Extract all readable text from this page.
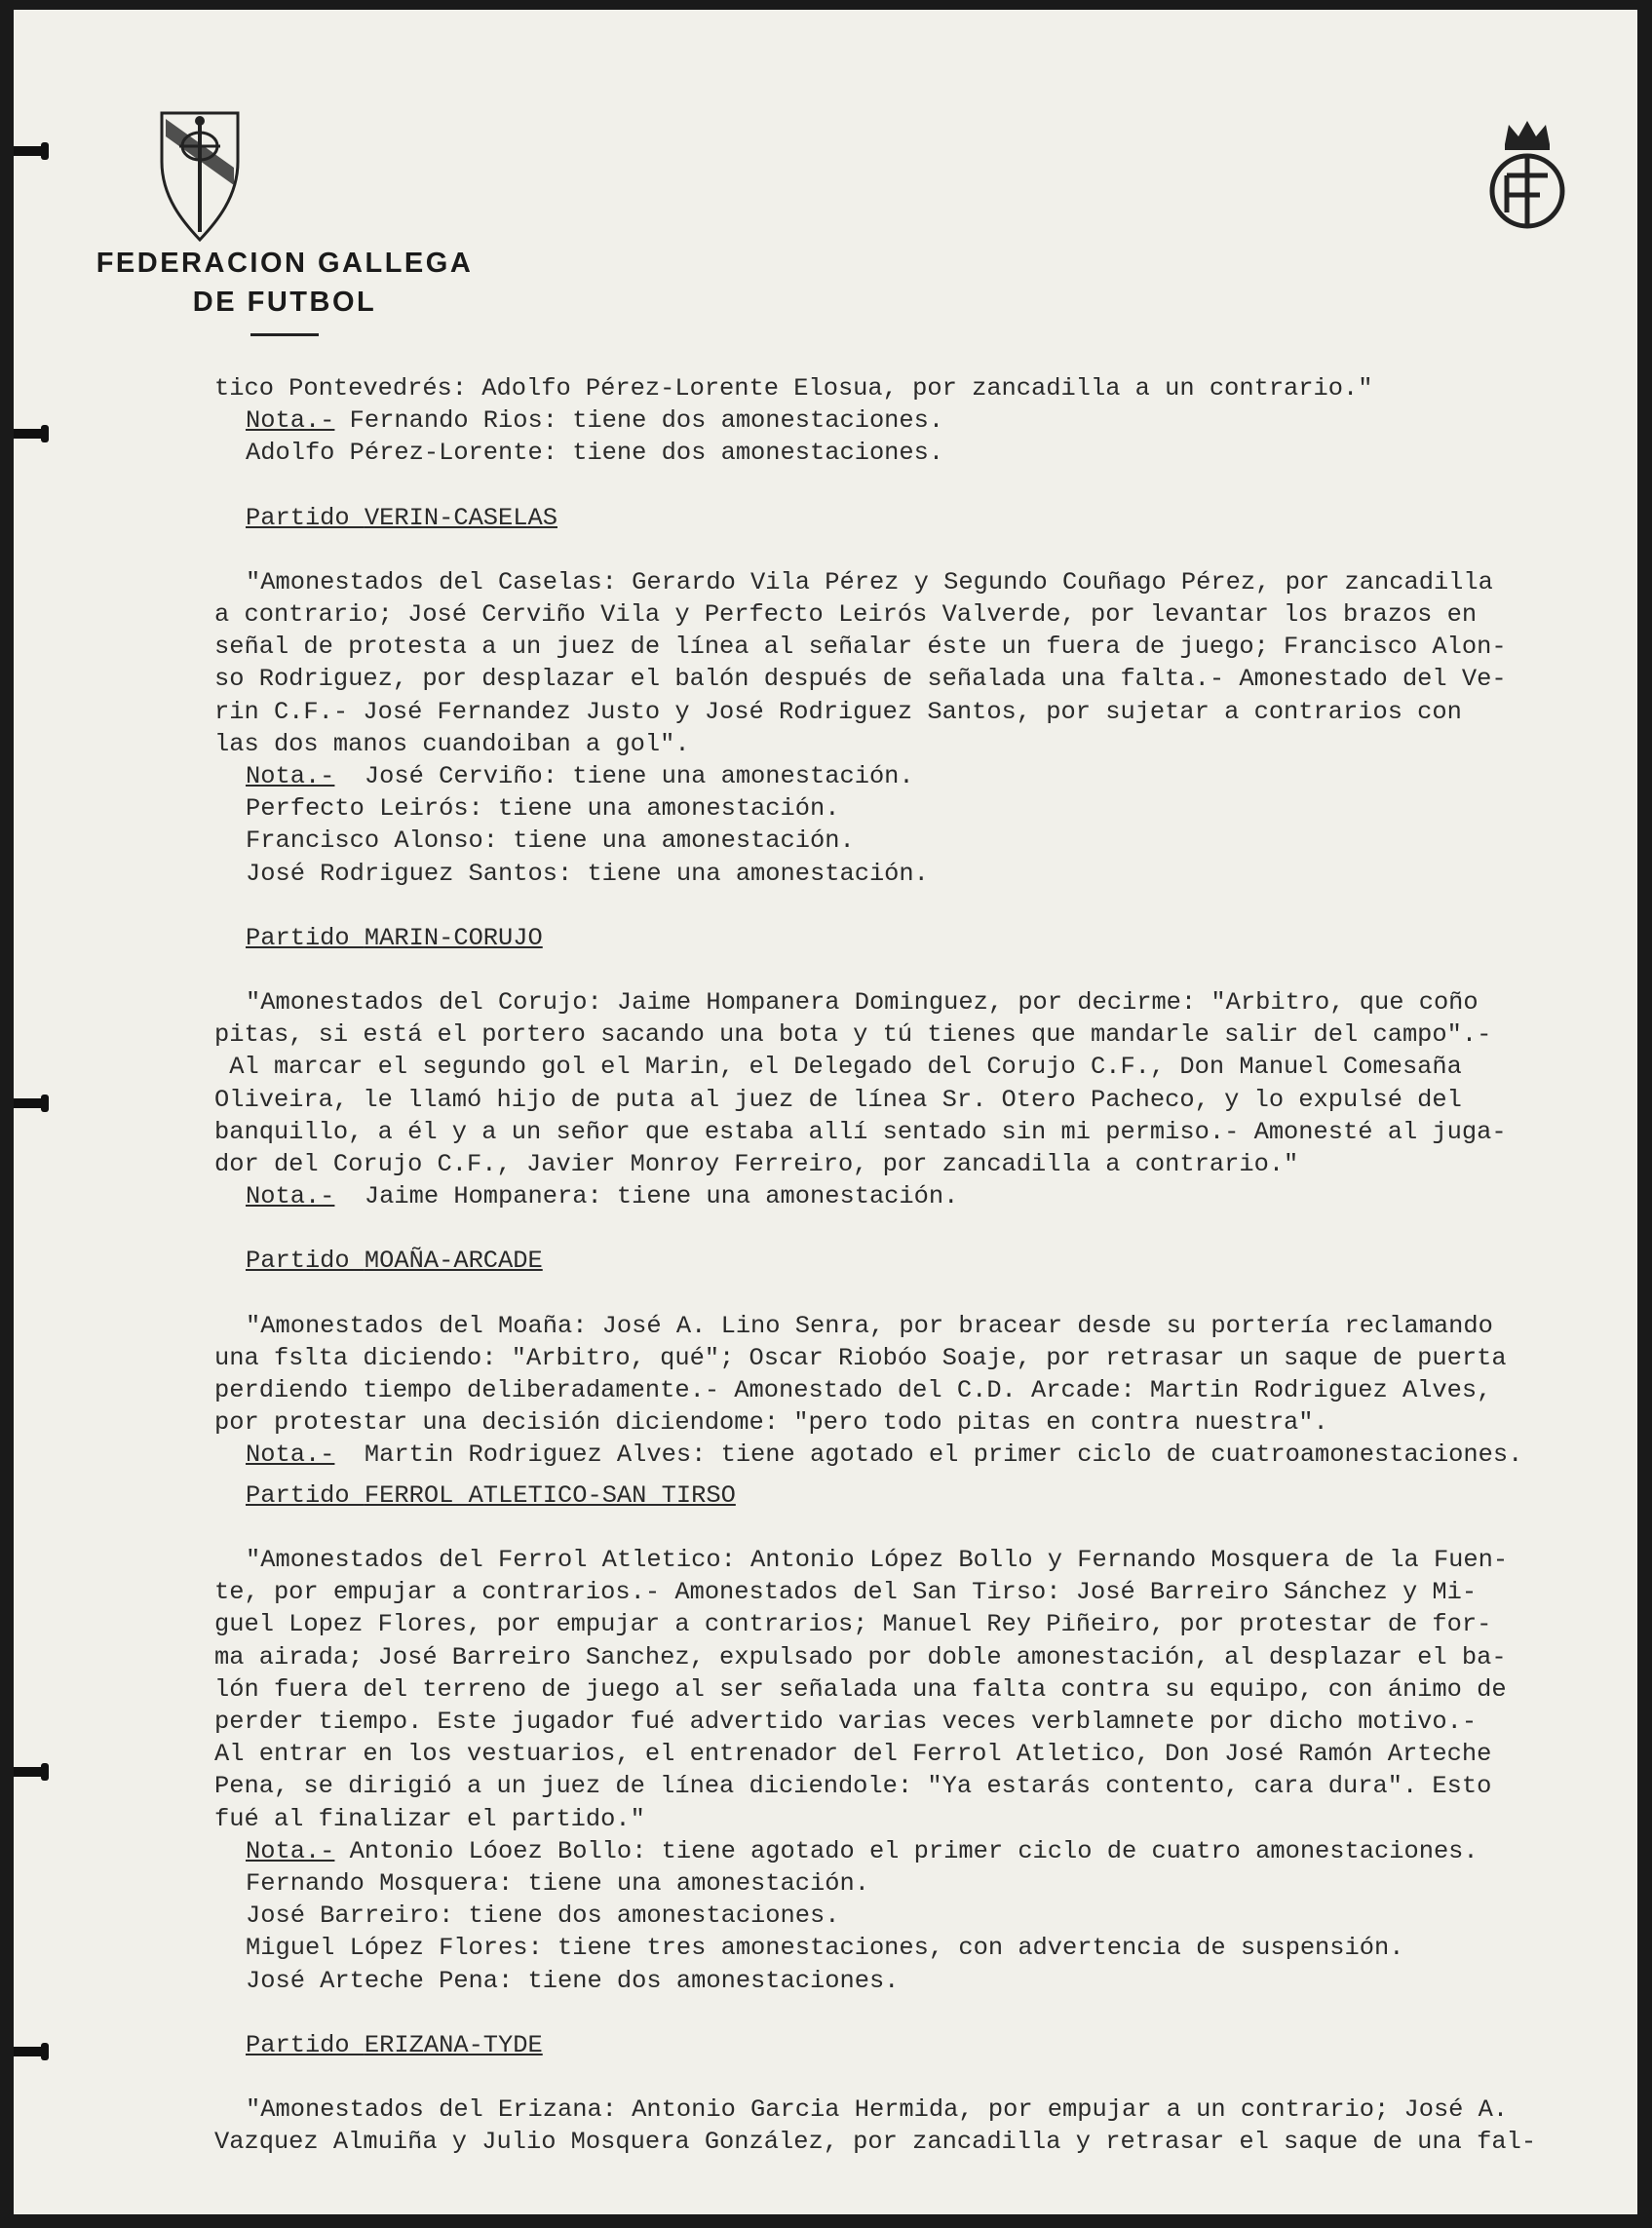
FEDERACION GALLEGA
DE FUTBOL

tico Pontevedrés: Adolfo Pérez-Lorente Elosua, por zancadilla a un contrario."

Nota.- Fernando Rios: tiene dos amonestaciones.

Adolfo Pérez-Lorente: tiene dos amonestaciones.

Partido VERIN-CASELAS

"Amonestados del Caselas: Gerardo Vila Pérez y Segundo Couñago Pérez, por zancadilla

a contrario; José Cerviño Vila y Perfecto Leirós Valverde, por levantar los brazos en

señal de protesta a un juez de línea al señalar éste un fuera de juego; Francisco Alon-

so Rodriguez, por desplazar el balón después de señalada una falta.- Amonestado del Ve-

rin C.F.- José Fernandez Justo y José Rodriguez Santos, por sujetar a contrarios con

las dos manos cuandoiban a gol".

Nota.-  José Cerviño: tiene una amonestación.

Perfecto Leirós: tiene una amonestación.

Francisco Alonso: tiene una amonestación.

José Rodriguez Santos: tiene una amonestación.

Partido MARIN-CORUJO

"Amonestados del Corujo: Jaime Hompanera Dominguez, por decirme: "Arbitro, que coño

pitas, si está el portero sacando una bota y tú tienes que mandarle salir del campo".-

Al marcar el segundo gol el Marin, el Delegado del Corujo C.F., Don Manuel Comesaña

Oliveira, le llamó hijo de puta al juez de línea Sr. Otero Pacheco, y lo expulsé del

banquillo, a él y a un señor que estaba allí sentado sin mi permiso.- Amonesté al juga-

dor del Corujo C.F., Javier Monroy Ferreiro, por zancadilla a contrario."

Nota.-  Jaime Hompanera: tiene una amonestación.

Partido MOAÑA-ARCADE

"Amonestados del Moaña: José A. Lino Senra, por bracear desde su portería reclamando

una fslta diciendo: "Arbitro, qué"; Oscar Riobóo Soaje, por retrasar un saque de puerta

perdiendo tiempo deliberadamente.- Amonestado del C.D. Arcade: Martin Rodriguez Alves,

por protestar una decisión diciendome: "pero todo pitas en contra nuestra".

Nota.-  Martin Rodriguez Alves: tiene agotado el primer ciclo de cuatroamonestaciones.

Partido FERROL ATLETICO-SAN TIRSO

"Amonestados del Ferrol Atletico: Antonio López Bollo y Fernando Mosquera de la Fuen-

te, por empujar a contrarios.- Amonestados del San Tirso: José Barreiro Sánchez y Mi-

guel Lopez Flores, por empujar a contrarios; Manuel Rey Piñeiro, por protestar de for-

ma airada; José Barreiro Sanchez, expulsado por doble amonestación, al desplazar el ba-

lón fuera del terreno de juego al ser señalada una falta contra su equipo, con ánimo de

perder tiempo. Este jugador fué advertido varias veces verblamnete por dicho motivo.-

Al entrar en los vestuarios, el entrenador del Ferrol Atletico, Don José Ramón Arteche

Pena, se dirigió a un juez de línea diciendole: "Ya estarás contento, cara dura". Esto

fué al finalizar el partido."

Nota.- Antonio Lóoez Bollo: tiene agotado el primer ciclo de cuatro amonestaciones.

Fernando Mosquera: tiene una amonestación.

José Barreiro: tiene dos amonestaciones.

Miguel López Flores: tiene tres amonestaciones, con advertencia de suspensión.

José Arteche Pena: tiene dos amonestaciones.

Partido ERIZANA-TYDE

"Amonestados del Erizana: Antonio Garcia Hermida, por empujar a un contrario; José A.

Vazquez Almuiña y Julio Mosquera González, por zancadilla y retrasar el saque de una fal-
